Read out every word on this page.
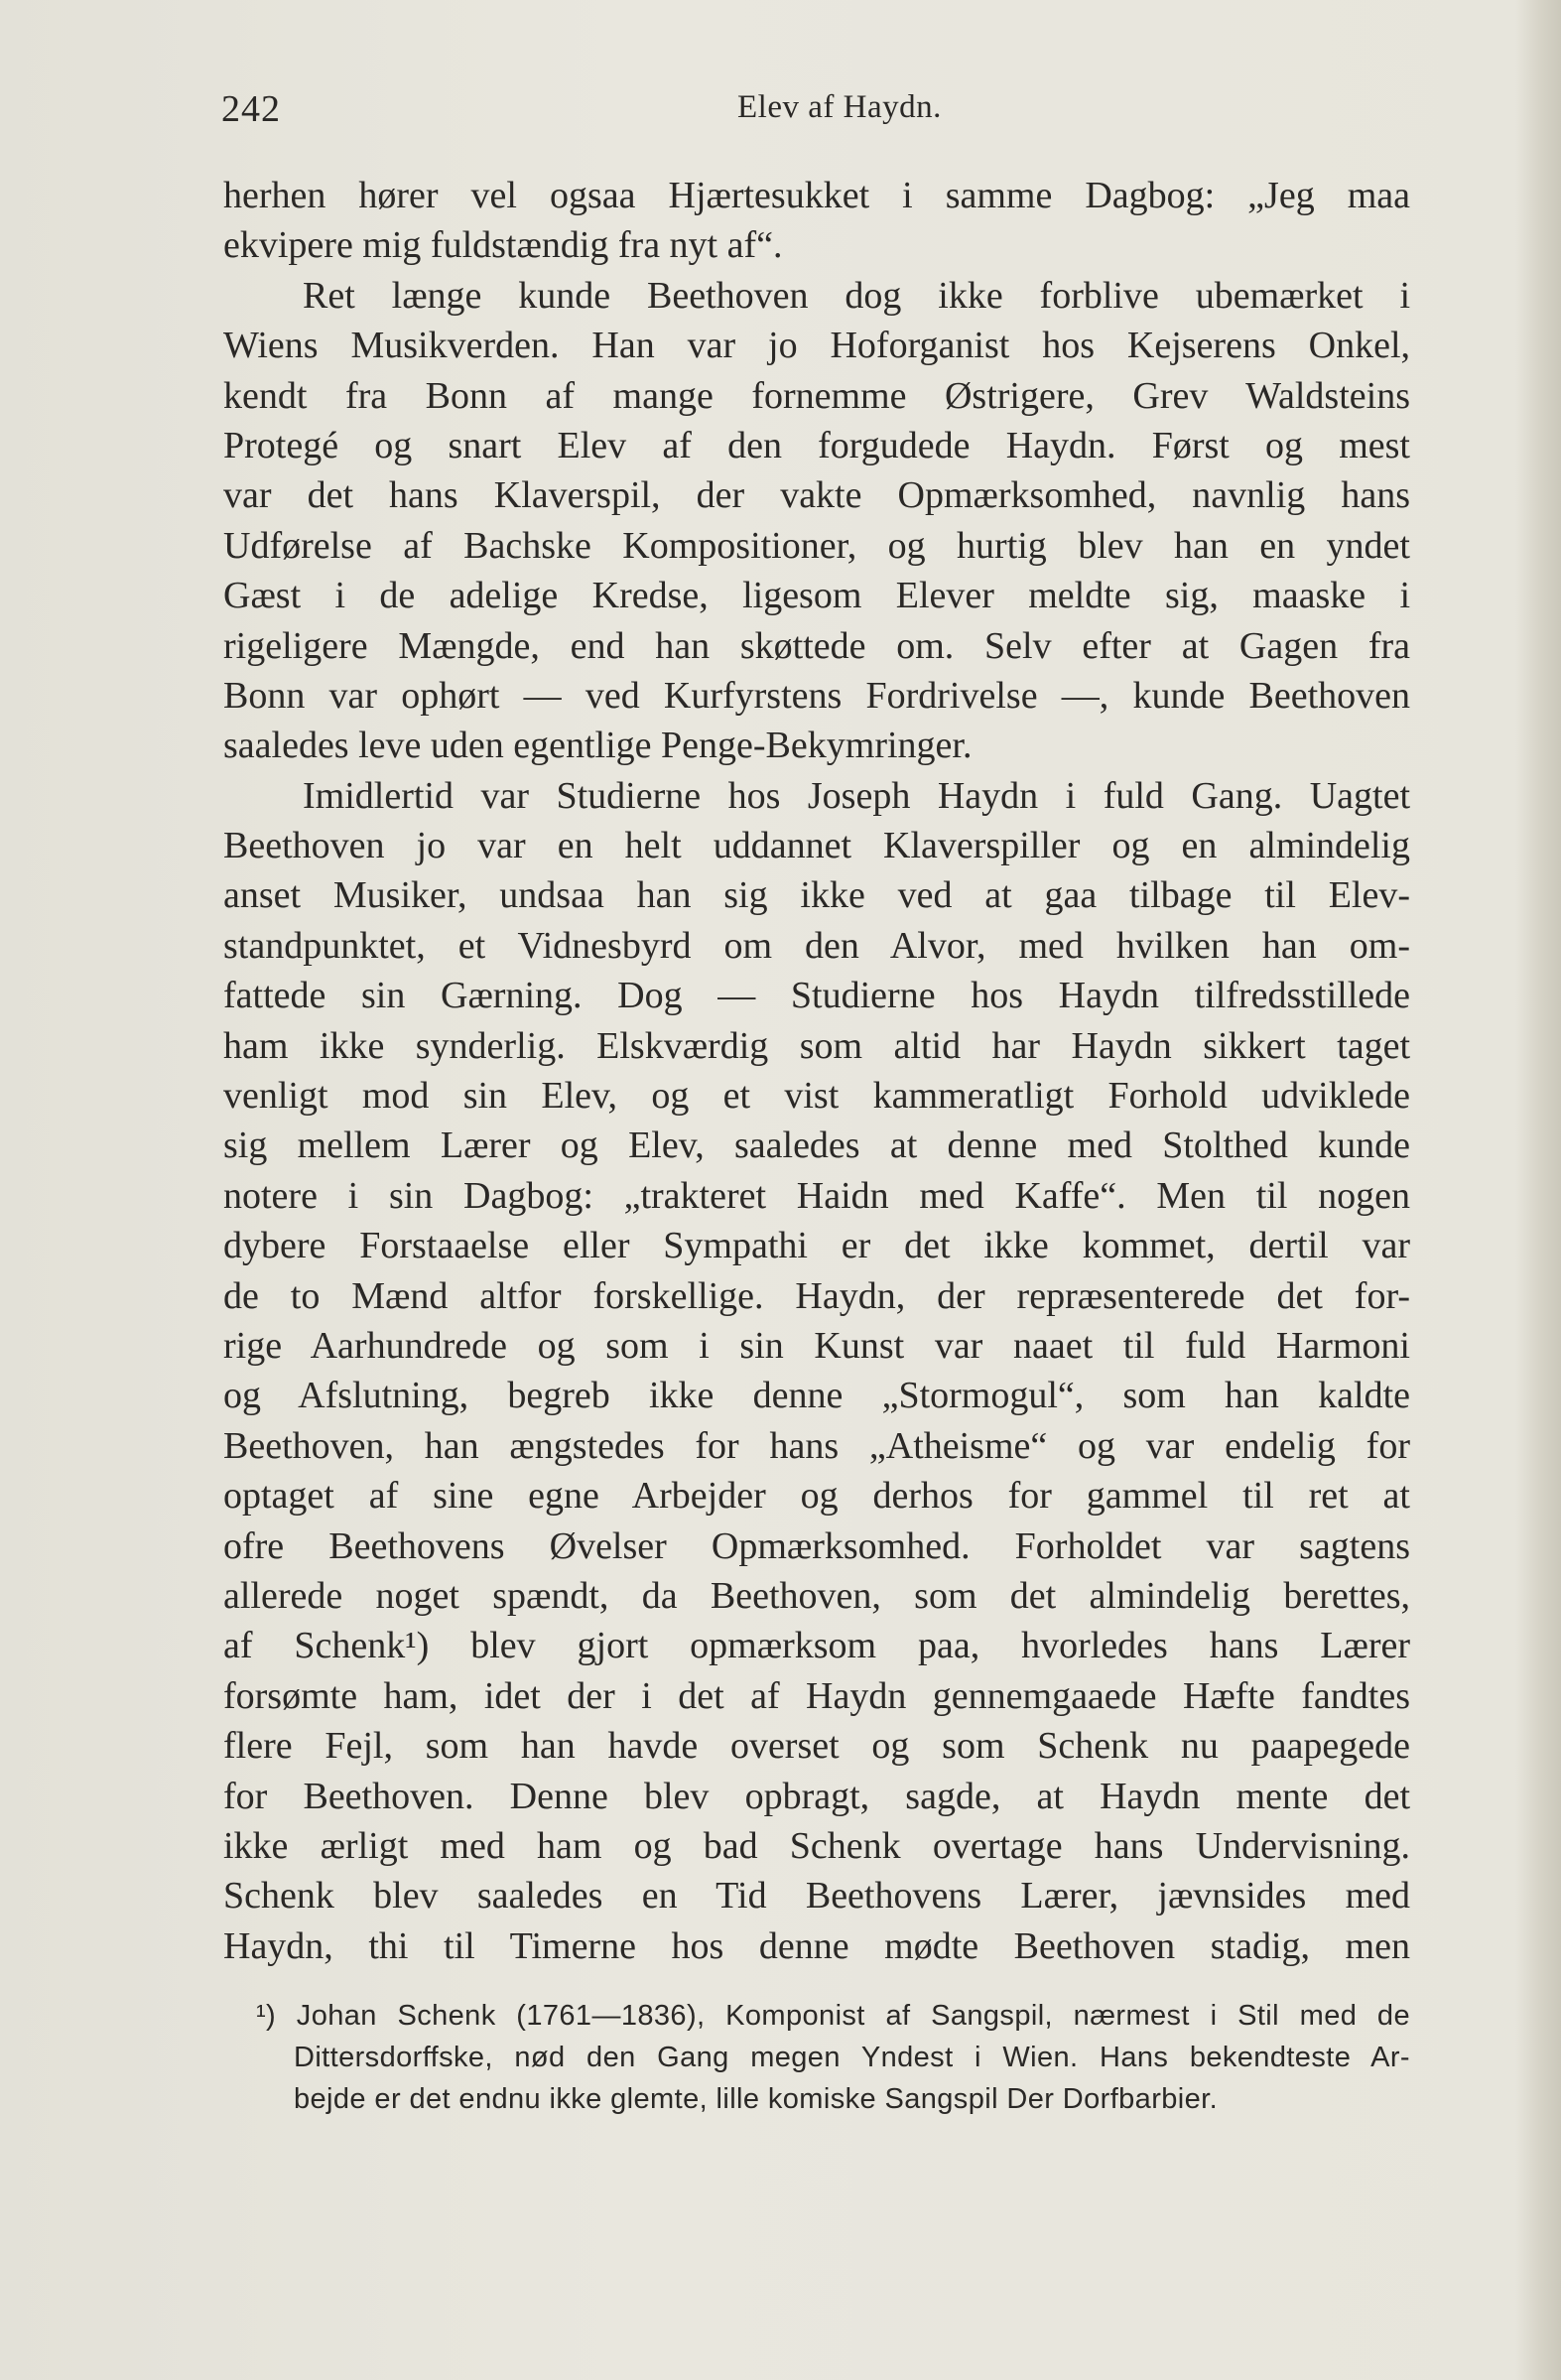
242	Elev af Haydn.
herhen hører vel ogsaa Hjærtesukket i samme Dagbog: „Jeg maa
ekvipere mig fuldstændig fra nyt af“.
Ret længe kunde Beethoven dog ikke forblive ubemærket i
Wiens Musikverden. Han var jo Hoforganist hos Kejserens Onkel,
kendt fra Bonn af mange fornemme Østrigere, Grev Waldsteins
Protegé og snart Elev af den forgudede Haydn. Først og mest
var det hans Klaverspil, der vakte Opmærksomhed, navnlig hans
Udførelse af Bachske Kompositioner, og hurtig blev han en yndet
Gæst i de adelige Kredse, ligesom Elever meldte sig, maaske i
rigeligere Mængde, end han skøttede om. Selv efter at Gagen fra
Bonn var ophørt — ved Kurfyrstens Fordrivelse —, kunde Beethoven
saaledes leve uden egentlige Penge-Bekymringer.
Imidlertid var Studierne hos Joseph Haydn i fuld Gang. Uagtet
Beethoven jo var en helt uddannet Klaverspiller og en almindelig
anset Musiker, undsaa han sig ikke ved at gaa tilbage til Elev-
standpunktet, et Vidnesbyrd om den Alvor, med hvilken han om-
fattede sin Gærning. Dog — Studierne hos Haydn tilfredsstillede
ham ikke synderlig. Elskværdig som altid har Haydn sikkert taget
venligt mod sin Elev, og et vist kammeratligt Forhold udviklede
sig mellem Lærer og Elev, saaledes at denne med Stolthed kunde
notere i sin Dagbog: „trakteret Haidn med Kaffe“. Men til nogen
dybere Forstaaelse eller Sympathi er det ikke kommet, dertil var
de to Mænd altfor forskellige. Haydn, der repræsenterede det for-
rige Aarhundrede og som i sin Kunst var naaet til fuld Harmoni
og Afslutning, begreb ikke denne „Stormogul“, som han kaldte
Beethoven, han ængstedes for hans „Atheisme“ og var endelig for
optaget af sine egne Arbejder og derhos for gammel til ret at
ofre Beethovens Øvelser Opmærksomhed. Forholdet var sagtens
allerede noget spændt, da Beethoven, som det almindelig berettes,
af Schenk¹) blev gjort opmærksom paa, hvorledes hans Lærer
forsømte ham, idet der i det af Haydn gennemgaaede Hæfte fandtes
flere Fejl, som han havde overset og som Schenk nu paapegede
for Beethoven. Denne blev opbragt, sagde, at Haydn mente det
ikke ærligt med ham og bad Schenk overtage hans Undervisning.
Schenk blev saaledes en Tid Beethovens Lærer, jævnsides med
Haydn, thi til Timerne hos denne mødte Beethoven stadig, men
¹) Johan Schenk (1761—1836), Komponist af Sangspil, nærmest i Stil med de
Dittersdorffske, nød den Gang megen Yndest i Wien. Hans bekendteste Ar-
bejde er det endnu ikke glemte, lille komiske Sangspil Der Dorfbarbier.
